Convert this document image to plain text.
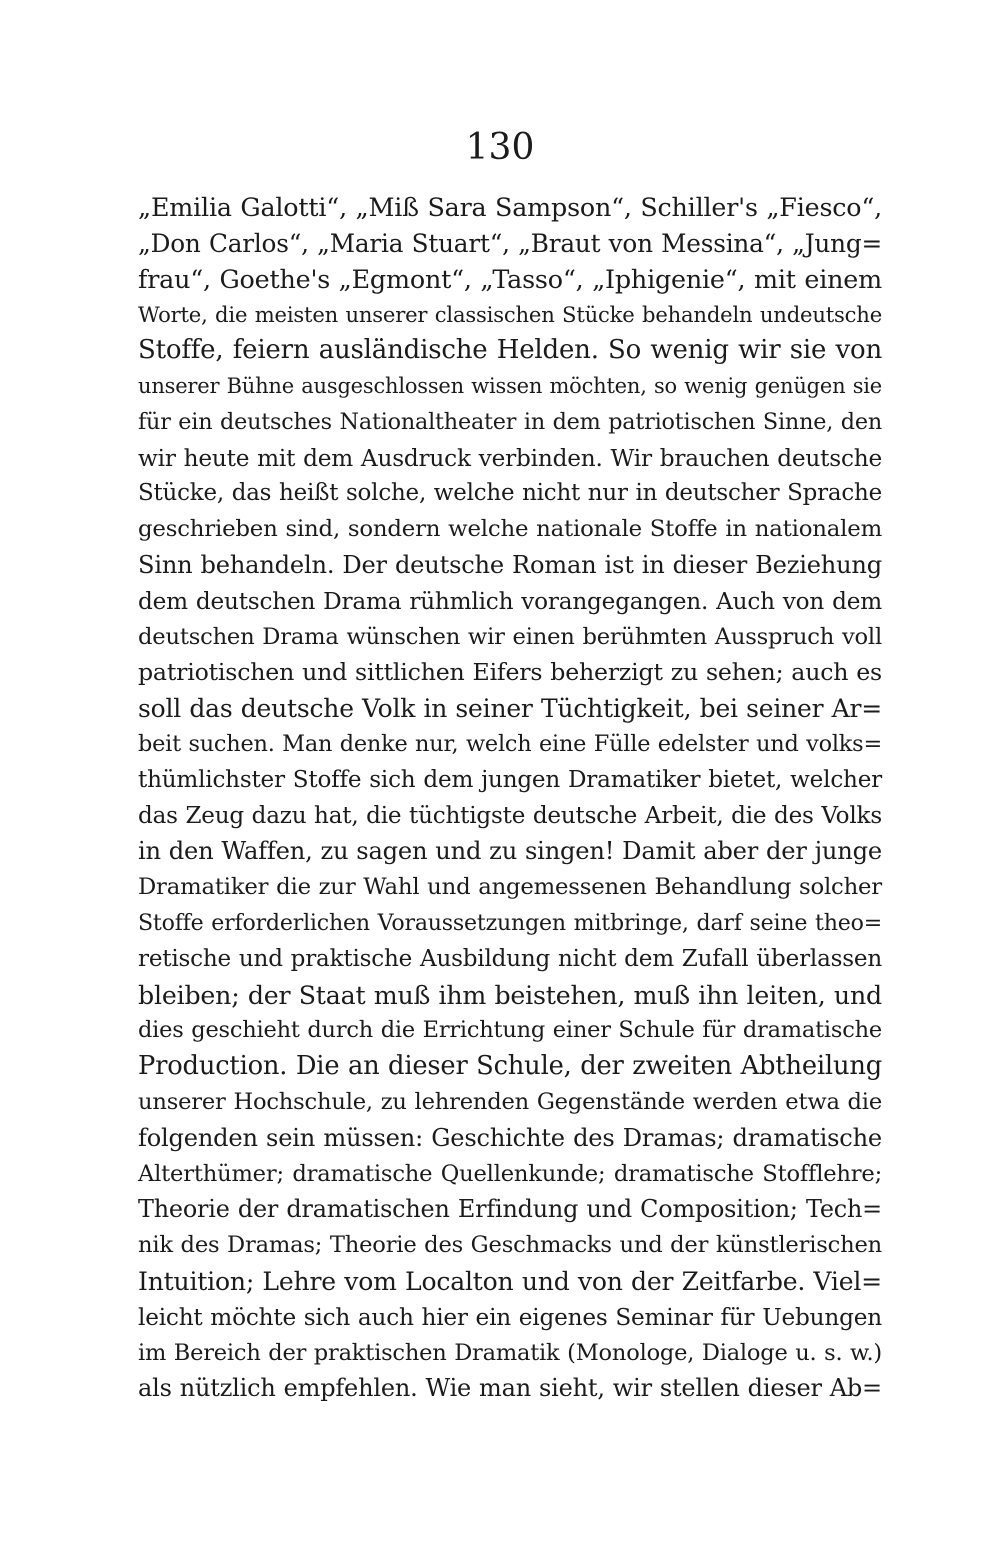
130
„Emilia Galotti“, „Miß Sara Sampson“, Schiller's „Fiesco“,
„Don Carlos“, „Maria Stuart“, „Braut von Messina“, „Jung=
frau“, Goethe's „Egmont“, „Tasso“, „Iphigenie“, mit einem
Worte, die meisten unserer classischen Stücke behandeln undeutsche
Stoffe, feiern ausländische Helden. So wenig wir sie von
unserer Bühne ausgeschlossen wissen möchten, so wenig genügen sie
für ein deutsches Nationaltheater in dem patriotischen Sinne, den
wir heute mit dem Ausdruck verbinden. Wir brauchen deutsche
Stücke, das heißt solche, welche nicht nur in deutscher Sprache
geschrieben sind, sondern welche nationale Stoffe in nationalem
Sinn behandeln. Der deutsche Roman ist in dieser Beziehung
dem deutschen Drama rühmlich vorangegangen. Auch von dem
deutschen Drama wünschen wir einen berühmten Ausspruch voll
patriotischen und sittlichen Eifers beherzigt zu sehen; auch es
soll das deutsche Volk in seiner Tüchtigkeit, bei seiner Ar=
beit suchen. Man denke nur, welch eine Fülle edelster und volks=
thümlichster Stoffe sich dem jungen Dramatiker bietet, welcher
das Zeug dazu hat, die tüchtigste deutsche Arbeit, die des Volks
in den Waffen, zu sagen und zu singen! Damit aber der junge
Dramatiker die zur Wahl und angemessenen Behandlung solcher
Stoffe erforderlichen Voraussetzungen mitbringe, darf seine theo=
retische und praktische Ausbildung nicht dem Zufall überlassen
bleiben; der Staat muß ihm beistehen, muß ihn leiten, und
dies geschieht durch die Errichtung einer Schule für dramatische
Production. Die an dieser Schule, der zweiten Abtheilung
unserer Hochschule, zu lehrenden Gegenstände werden etwa die
folgenden sein müssen: Geschichte des Dramas; dramatische
Alterthümer; dramatische Quellenkunde; dramatische Stofflehre;
Theorie der dramatischen Erfindung und Composition; Tech=
nik des Dramas; Theorie des Geschmacks und der künstlerischen
Intuition; Lehre vom Localton und von der Zeitfarbe. Viel=
leicht möchte sich auch hier ein eigenes Seminar für Uebungen
im Bereich der praktischen Dramatik (Monologe, Dialoge u. s. w.)
als nützlich empfehlen. Wie man sieht, wir stellen dieser Ab=
